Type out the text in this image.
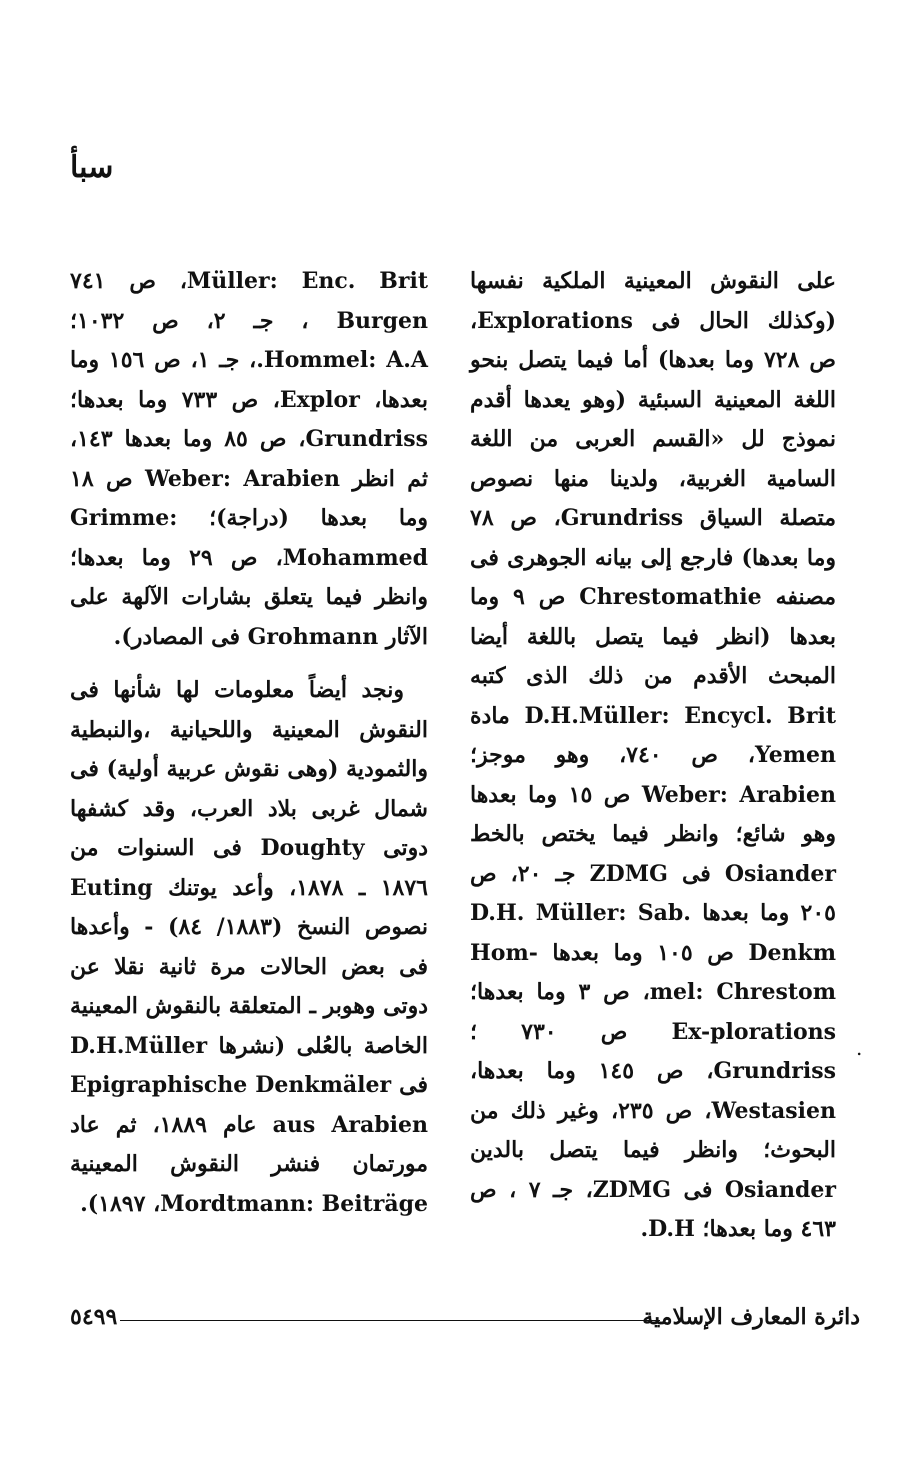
سبأ

على النقوش المعينية الملكية نفسها (وكذلك الحال فى Explorations، ص ٧٢٨ وما بعدها) أما فيما يتصل بنحو اللغة المعينية السبئية (وهو يعدها أقدم نموذج لل «القسم العربى من اللغة السامية الغربية، ولدينا منها نصوص متصلة السياق Grundriss، ص ٧٨ وما بعدها) فارجع إلى بيانه الجوهرى فى مصنفه Chrestomathie ص ٩ وما بعدها (انظر فيما يتصل باللغة أيضا المبحث الأقدم من ذلك الذى كتبه D.H.Müller: Encycl. Brit مادة Yemen، ص ٧٤٠، وهو موجز؛ Weber: Arabien ص ١٥ وما بعدها وهو شائع؛ وانظر فيما يختص بالخط Osiander فى ZDMG جـ ٢٠، ص ٢٠٥ وما بعدها D.H. Müller: Sab. Denkm ص ١٠٥ وما بعدها Hom-mel: Chrestom، ص ٣ وما بعدها؛ Ex-plorations ص ٧٣٠ ؛ Grundriss، ص ١٤٥ وما بعدها، Westasien، ص ٢٣٥، وغير ذلك من البحوث؛ وانظر فيما يتصل بالدين Osiander فى ZDMG، جـ ٧ ، ص ٤٦٣ وما بعدها؛ D.H.

Müller: Enc. Brit، ص ٧٤١ Burgen ، جـ ٢، ص ١٠٣٢؛ Hommel: A.A.، جـ ١، ص ١٥٦ وما بعدها، Explor، ص ٧٣٣ وما بعدها؛ Grundriss، ص ٨٥ وما بعدها ١٤٣، ثم انظر Weber: Arabien ص ١٨ وما بعدها (دراجة)؛ Grimme: Mohammed، ص ٢٩ وما بعدها؛ وانظر فيما يتعلق بشارات الآلهة على الآثار Grohmann فى المصادر).

ونجد أيضاً معلومات لها شأنها فى النقوش المعينية واللحيانية ،والنبطية والثمودية (وهى نقوش عربية أولية) فى شمال غربى بلاد العرب، وقد كشفها دوتى Doughty فى السنوات من ١٨٧٦ ـ ١٨٧٨، وأعد يوتنك Euting نصوص النسخ (١٨٨٣/ ٨٤) - وأعدها فى بعض الحالات مرة ثانية نقلا عن دوتى وهوبر ـ المتعلقة بالنقوش المعينية الخاصة بالعُلى (نشرها D.H.Müller فى Epigraphische Denkmäler aus Arabien عام ١٨٨٩، ثم عاد مورتمان فنشر النقوش المعينية Mordtmann: Beiträge، ١٨٩٧).

.
دائرة المعارف الإسلامية
٥٤٩٩
